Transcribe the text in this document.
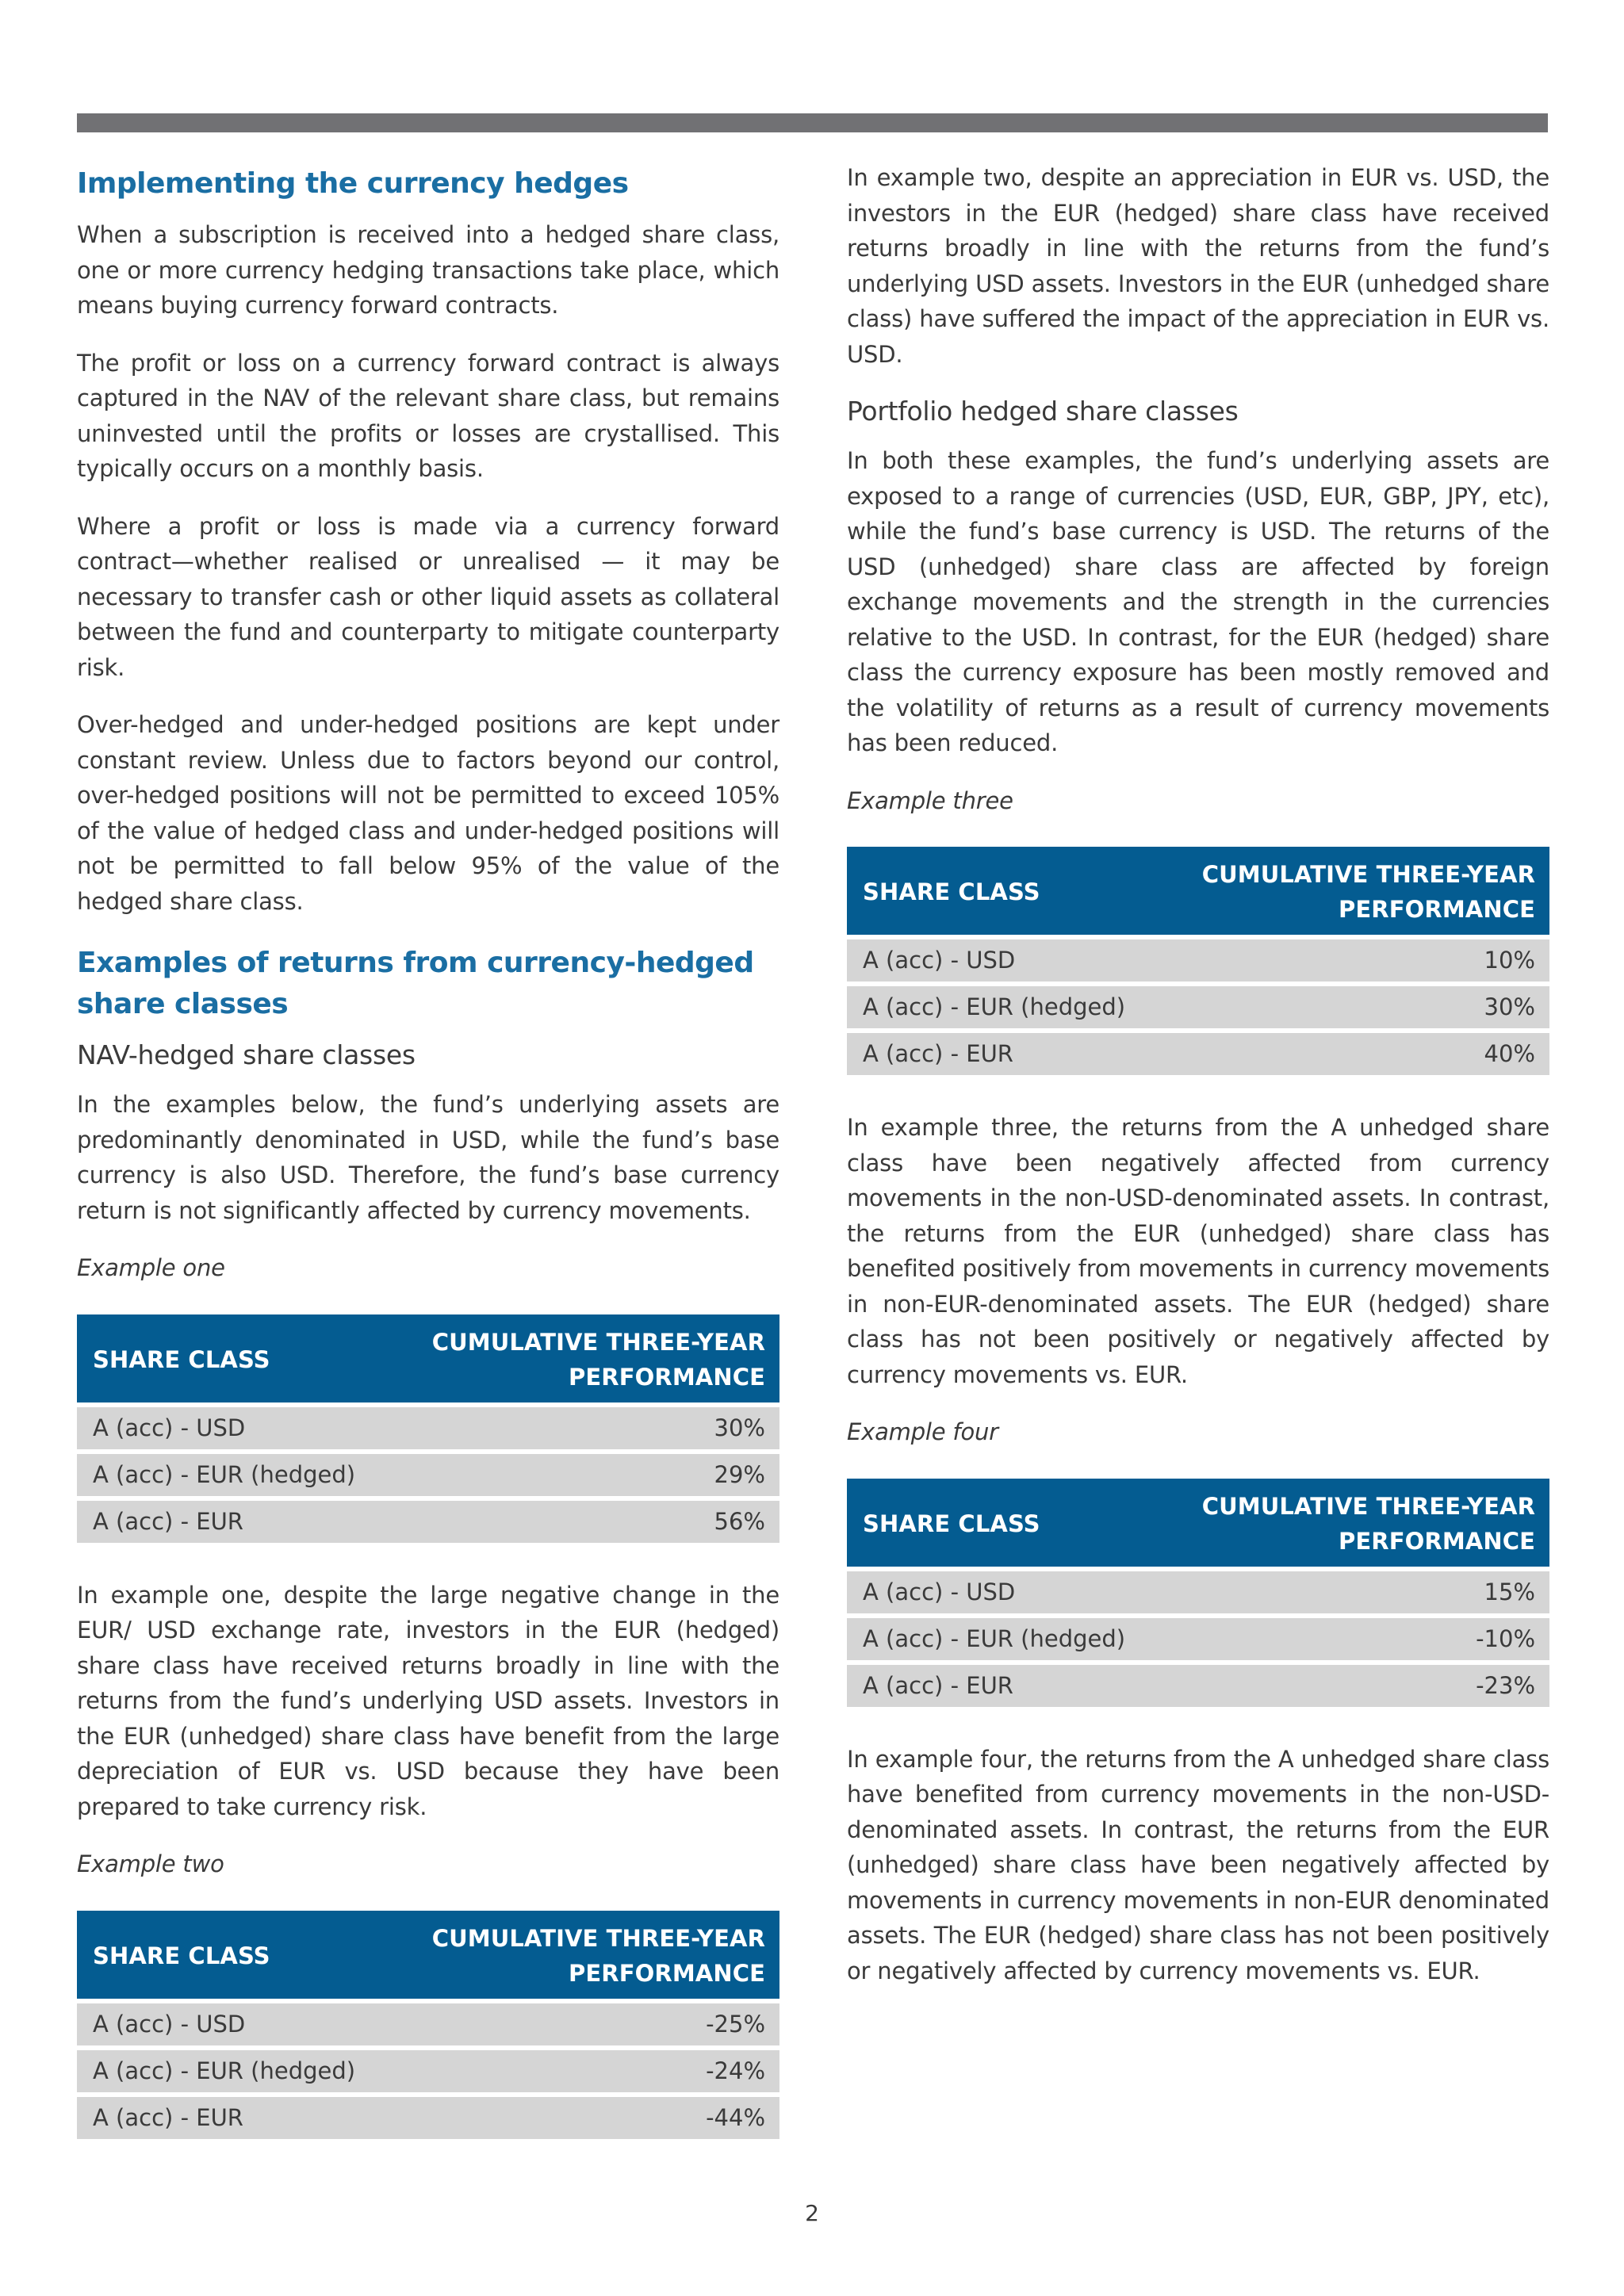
Implementing the currency hedges

When a subscription is received into a hedged share class, one or more currency hedging transactions take place, which means buying currency forward contracts.

The profit or loss on a currency forward contract is always captured in the NAV of the relevant share class, but remains uninvested until the profits or losses are crystallised. This typically occurs on a monthly basis.

Where a profit or loss is made via a currency forward contract—whether realised or unrealised — it may be necessary to transfer cash or other liquid assets as collateral between the fund and counterparty to mitigate counterparty risk.

Over-hedged and under-hedged positions are kept under constant review. Unless due to factors beyond our control, over-hedged positions will not be permitted to exceed 105% of the value of hedged class and under-hedged positions will not be permitted to fall below 95% of the value of the hedged share class.

Examples of returns from currency-hedged share classes
NAV-hedged share classes

In the examples below, the fund’s underlying assets are predominantly denominated in USD, while the fund’s base currency is also USD. Therefore, the fund’s base currency return is not significantly affected by currency movements.

Example one

SHARE CLASS	CUMULATIVE THREE-YEAR
PERFORMANCE
A (acc) - USD	30%
A (acc) - EUR (hedged)	29%
A (acc) - EUR	56%

In example one, despite the large negative change in the EUR/ USD exchange rate, investors in the EUR (hedged) share class have received returns broadly in line with the returns from the fund’s underlying USD assets. Investors in the EUR (unhedged) share class have benefit from the large depreciation of EUR vs. USD because they have been prepared to take currency risk.

Example two

SHARE CLASS	CUMULATIVE THREE-YEAR
PERFORMANCE
A (acc) - USD	-25%
A (acc) - EUR (hedged)	-24%
A (acc) - EUR	-44%

In example two, despite an appreciation in EUR vs. USD, the investors in the EUR (hedged) share class have received returns broadly in line with the returns from the fund’s underlying USD assets. Investors in the EUR (unhedged share class) have suffered the impact of the appreciation in EUR vs. USD.

Portfolio hedged share classes

In both these examples, the fund’s underlying assets are exposed to a range of currencies (USD, EUR, GBP, JPY, etc), while the fund’s base currency is USD. The returns of the USD (unhedged) share class are affected by foreign exchange movements and the strength in the currencies relative to the USD. In contrast, for the EUR (hedged) share class the currency exposure has been mostly removed and the volatility of returns as a result of currency movements has been reduced.

Example three

SHARE CLASS	CUMULATIVE THREE-YEAR
PERFORMANCE
A (acc) - USD	10%
A (acc) - EUR (hedged)	30%
A (acc) - EUR	40%

In example three, the returns from the A unhedged share class have been negatively affected from currency movements in the non-USD-denominated assets. In contrast, the returns from the EUR (unhedged) share class has benefited positively from movements in currency movements in non-EUR-denominated assets. The EUR (hedged) share class has not been positively or negatively affected by currency movements vs. EUR.

Example four

SHARE CLASS	CUMULATIVE THREE-YEAR
PERFORMANCE
A (acc) - USD	15%
A (acc) - EUR (hedged)	-10%
A (acc) - EUR	-23%

In example four, the returns from the A unhedged share class have benefited from currency movements in the non-USD-denominated assets. In contrast, the returns from the EUR (unhedged) share class have been negatively affected by movements in currency movements in non-EUR denominated assets. The EUR (hedged) share class has not been positively or negatively affected by currency movements vs. EUR.

2
